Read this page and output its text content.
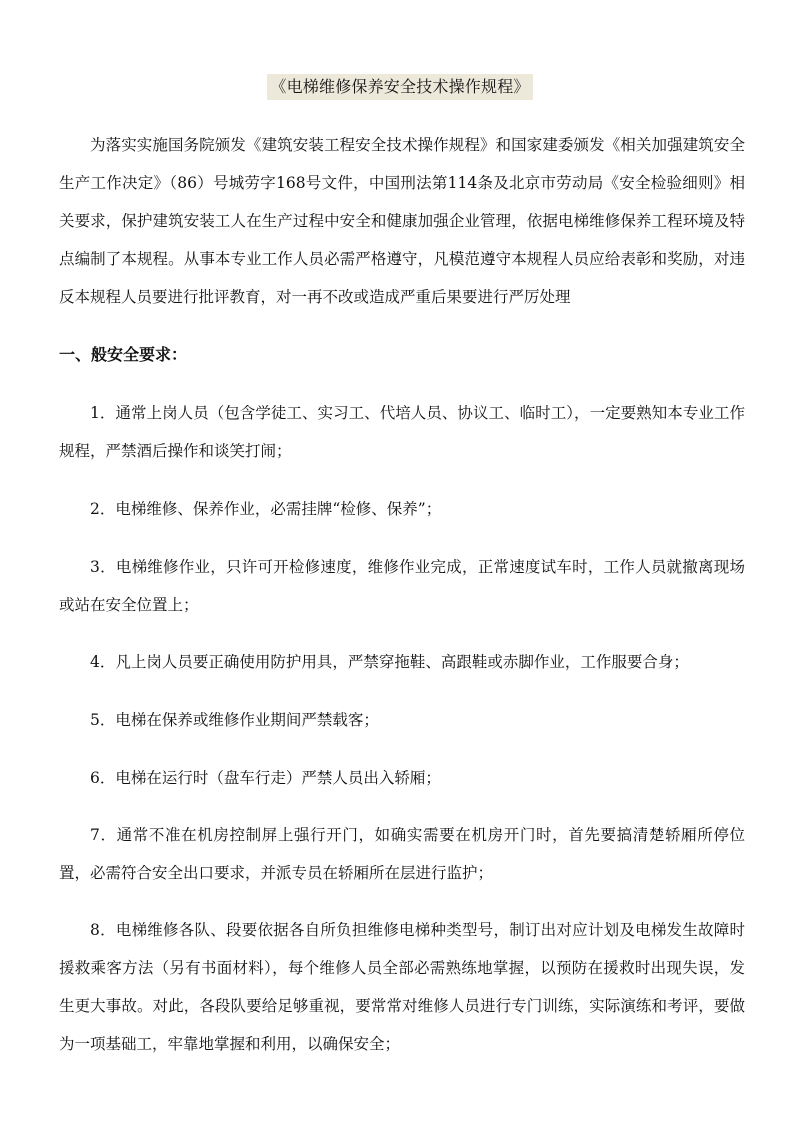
《电梯维修保养安全技术操作规程》

为落实实施国务院颁发《建筑安装工程安全技术操作规程》和国家建委颁发《相关加强建筑安全生产工作决定》（86）号城劳字168号文件，中国刑法第114条及北京市劳动局《安全检验细则》相关要求，保护建筑安装工人在生产过程中安全和健康加强企业管理，依据电梯维修保养工程环境及特点编制了本规程。从事本专业工作人员必需严格遵守，凡模范遵守本规程人员应给表彰和奖励，对违反本规程人员要进行批评教育，对一再不改或造成严重后果要进行严厉处理

一、般安全要求：

1．通常上岗人员（包含学徒工、实习工、代培人员、协议工、临时工），一定要熟知本专业工作规程，严禁酒后操作和谈笑打闹；

2．电梯维修、保养作业，必需挂牌“检修、保养”；

3．电梯维修作业，只许可开检修速度，维修作业完成，正常速度试车时，工作人员就撤离现场或站在安全位置上；

4．凡上岗人员要正确使用防护用具，严禁穿拖鞋、高跟鞋或赤脚作业，工作服要合身；

5．电梯在保养或维修作业期间严禁载客；

6．电梯在运行时（盘车行走）严禁人员出入轿厢；

7．通常不准在机房控制屏上强行开门，如确实需要在机房开门时，首先要搞清楚轿厢所停位置，必需符合安全出口要求，并派专员在轿厢所在层进行监护；

8．电梯维修各队、段要依据各自所负担维修电梯种类型号，制订出对应计划及电梯发生故障时援救乘客方法（另有书面材料），每个维修人员全部必需熟练地掌握，以预防在援救时出现失误，发生更大事故。对此，各段队要给足够重视，要常常对维修人员进行专门训练，实际演练和考评，要做为一项基础工，牢靠地掌握和利用，以确保安全；
